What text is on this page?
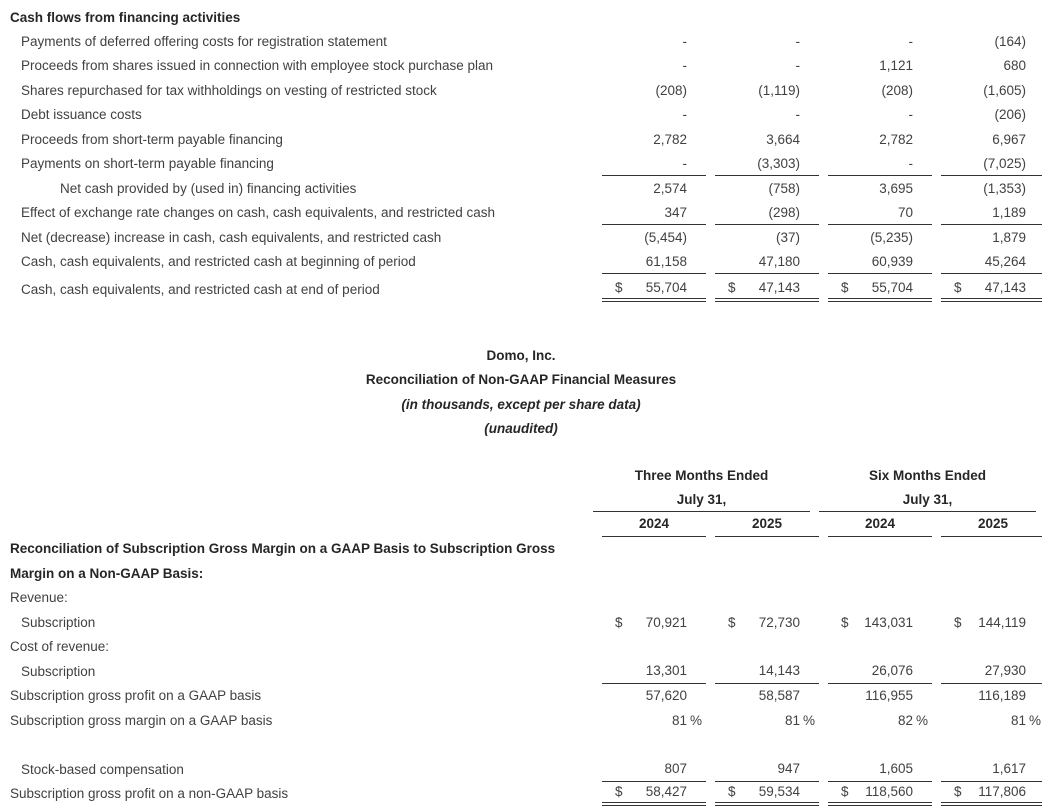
Cash flows from financing activities
Payments of deferred offering costs for registration statement	-	-	-	(164)
Proceeds from shares issued in connection with employee stock purchase plan	-	-	1,121	680
Shares repurchased for tax withholdings on vesting of restricted stock	(208)	(1,119)	(208)	(1,605)
Debt issuance costs	-	-	-	(206)
Proceeds from short-term payable financing	2,782	3,664	2,782	6,967
Payments on short-term payable financing	-	(3,303)	-	(7,025)
Net cash provided by (used in) financing activities	2,574	(758)	3,695	(1,353)
Effect of exchange rate changes on cash, cash equivalents, and restricted cash	347	(298)	70	1,189
Net (decrease) increase in cash, cash equivalents, and restricted cash	(5,454)	(37)	(5,235)	1,879
Cash, cash equivalents, and restricted cash at beginning of period	61,158	47,180	60,939	45,264
Cash, cash equivalents, and restricted cash at end of period	$ 55,704	$ 47,143	$ 55,704	$ 47,143
Domo, Inc.
Reconciliation of Non-GAAP Financial Measures
(in thousands, except per share data)
(unaudited)
Three Months Ended	Six Months Ended
July 31,	July 31,
2024	2025	2024	2025
Reconciliation of Subscription Gross Margin on a GAAP Basis to Subscription Gross
Margin on a Non-GAAP Basis:
Revenue:
Subscription	$ 70,921	$ 72,730	$ 143,031	$ 144,119
Cost of revenue:
Subscription	13,301	14,143	26,076	27,930
Subscription gross profit on a GAAP basis	57,620	58,587	116,955	116,189
Subscription gross margin on a GAAP basis	81 %	81 %	82 %	81 %
Stock-based compensation	807	947	1,605	1,617
Subscription gross profit on a non-GAAP basis	$ 58,427	$ 59,534	$ 118,560	$ 117,806
